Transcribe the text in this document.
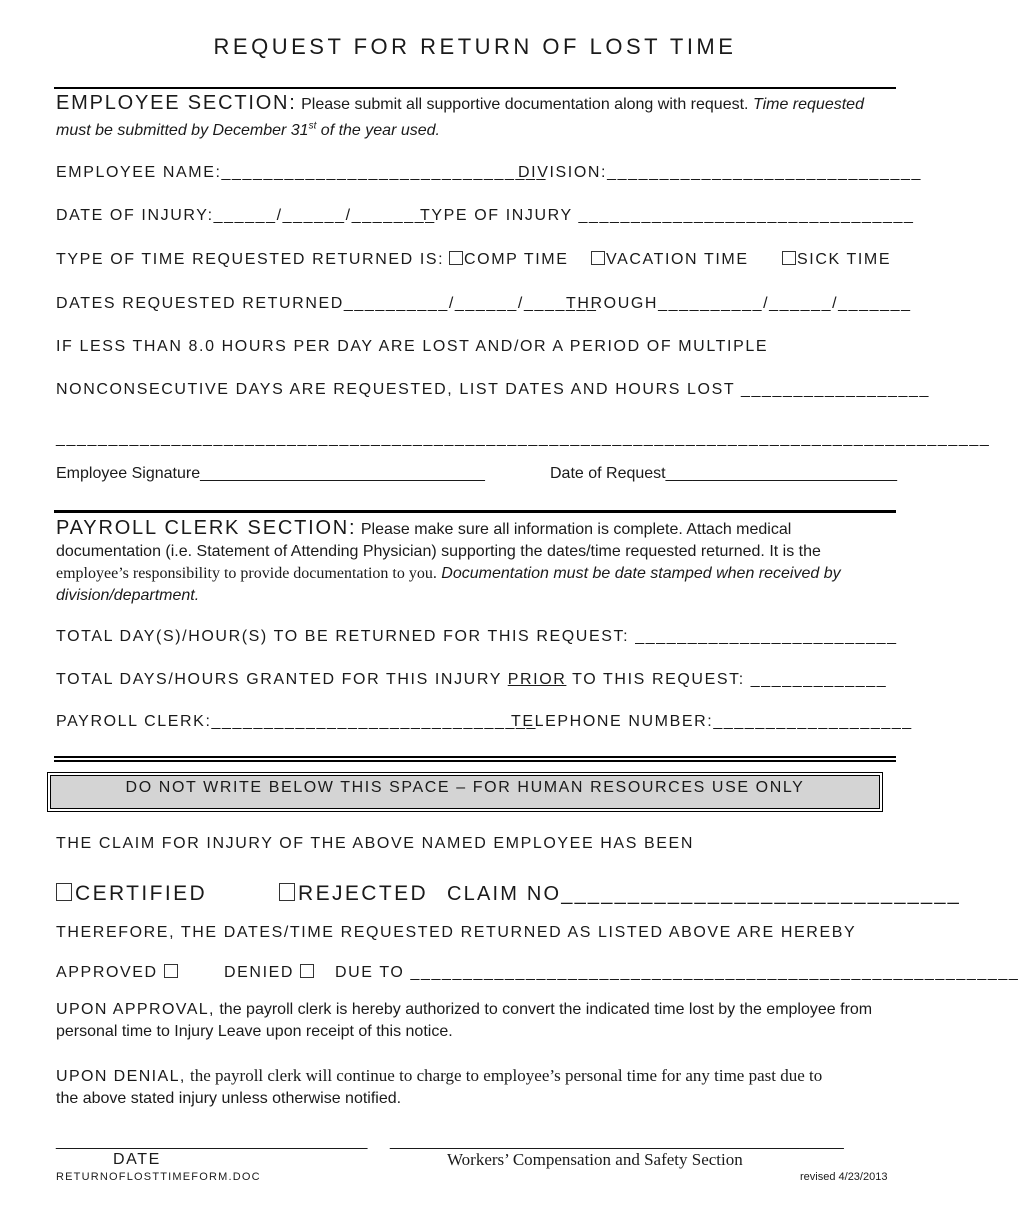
REQUEST FOR RETURN OF LOST TIME
EMPLOYEE SECTION: Please submit all supportive documentation along with request. Time requested must be submitted by December 31st of the year used.
EMPLOYEE NAME:_______________________________
DIVISION:______________________________
DATE OF INJURY:______/______/________
TYPE OF INJURY ________________________________
TYPE OF TIME REQUESTED RETURNED IS:	COMP TIME	VACATION TIME	SICK TIME
DATES REQUESTED RETURNED__________/______/_______
THROUGH__________/______/_______
IF LESS THAN 8.0 HOURS PER DAY ARE LOST AND/OR A PERIOD OF MULTIPLE
NONCONSECUTIVE DAYS ARE REQUESTED, LIST DATES AND HOURS LOST __________________
_________________________________________________________________________________________
Employee Signature________________________________	Date of Request__________________________
PAYROLL CLERK SECTION: Please make sure all information is complete. Attach medical documentation (i.e. Statement of Attending Physician) supporting the dates/time requested returned. It is the employee’s responsibility to provide documentation to you. Documentation must be date stamped when received by division/department.
TOTAL DAY(S)/HOUR(S) TO BE RETURNED FOR THIS REQUEST: _________________________
TOTAL DAYS/HOURS GRANTED FOR THIS INJURY PRIOR TO THIS REQUEST: _____________
PAYROLL CLERK:_______________________________
TELEPHONE NUMBER:___________________
DO NOT WRITE BELOW THIS SPACE – FOR HUMAN RESOURCES USE ONLY
THE CLAIM FOR INJURY OF THE ABOVE NAMED EMPLOYEE HAS BEEN
CERTIFIED	REJECTED CLAIM NO______________________________
THEREFORE, THE DATES/TIME REQUESTED RETURNED AS LISTED ABOVE ARE HEREBY
APPROVED	DENIED	DUE TO __________________________________________________________
UPON APPROVAL, the payroll clerk is hereby authorized to convert the indicated time lost by the employee from personal time to Injury Leave upon receipt of this notice.
UPON DENIAL, the payroll clerk will continue to charge to employee’s personal time for any time past due to
the above stated injury unless otherwise notified.
___________________________________ ___________________________________________________
DATE	Workers’ Compensation and Safety Section
RETURNOFLOSTTIMEFORM.DOC	revised 4/23/2013
